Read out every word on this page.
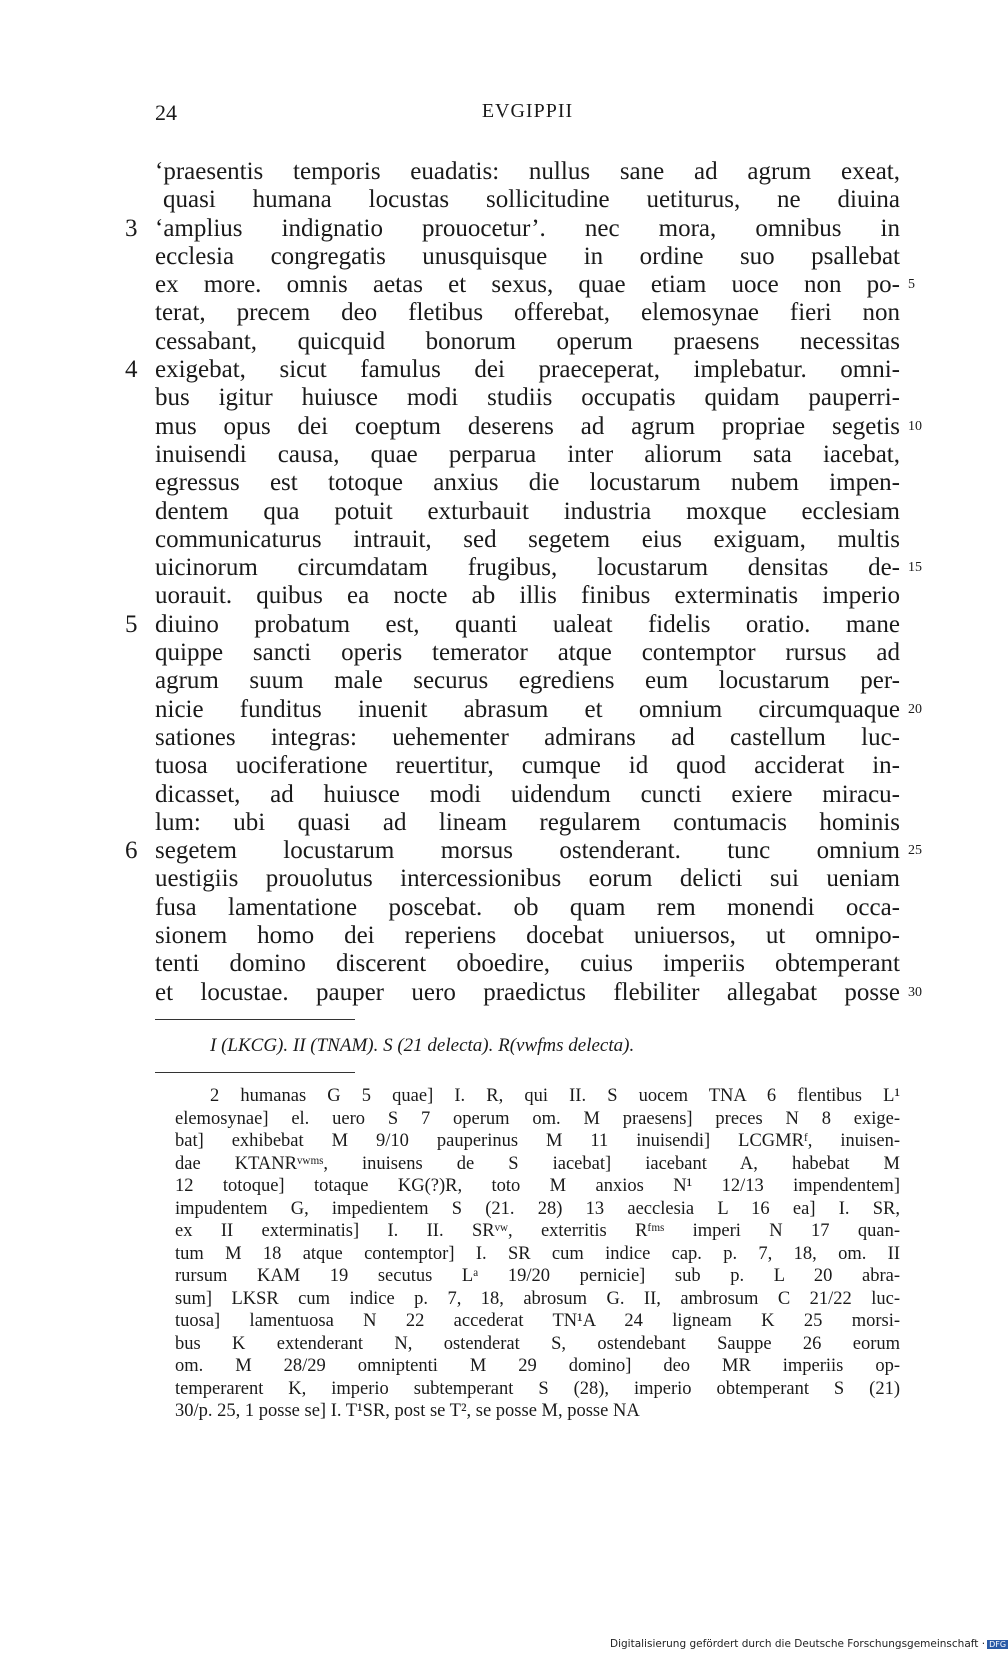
24	EVGIPPII
‘praesentis temporis euadatis: nullus sane ad agrum exeat,
quasi humana locustas sollicitudine uetiturus, ne diuina
3 ‘amplius indignatio prouocetur’. nec mora, omnibus in
ecclesia congregatis unusquisque in ordine suo psallebat
ex more. omnis aetas et sexus, quae etiam uoce non po- 5
terat, precem deo fletibus offerebat, elemosynae fieri non
cessabant, quicquid bonorum operum praesens necessitas
4 exigebat, sicut famulus dei praeceperat, implebatur. omni-
bus igitur huiusce modi studiis occupatis quidam pauperri-
mus opus dei coeptum deserens ad agrum propriae segetis 10
inuisendi causa, quae perparua inter aliorum sata iacebat,
egressus est totoque anxius die locustarum nubem impen-
dentem qua potuit exturbauit industria moxque ecclesiam
communicaturus intrauit, sed segetem eius exiguam, multis
uicinorum circumdatam frugibus, locustarum densitas de- 15
uorauit. quibus ea nocte ab illis finibus exterminatis imperio
5 diuino probatum est, quanti ualeat fidelis oratio. mane
quippe sancti operis temerator atque contemptor rursus ad
agrum suum male securus egrediens eum locustarum per-
nicie funditus inuenit abrasum et omnium circumquaque 20
sationes integras: uehementer admirans ad castellum luc-
tuosa uociferatione reuertitur, cumque id quod acciderat in-
dicasset, ad huiusce modi uidendum cuncti exiere miracu-
lum: ubi quasi ad lineam regularem contumacis hominis
6 segetem locustarum morsus ostenderant. tunc omnium 25
uestigiis prouolutus intercessionibus eorum delicti sui ueniam
fusa lamentatione poscebat. ob quam rem monendi occa-
sionem homo dei reperiens docebat uniuersos, ut omnipo-
tenti domino discerent oboedire, cuius imperiis obtemperant
et locustae. pauper uero praedictus flebiliter allegabat posse 30
I (LKCG). II (TNAM). S (21 delecta). R(vwfms delecta).
2 humanas G 5 quae] I. R, qui II. S uocem TNA 6 flentibus L¹
elemosynae] el. uero S 7 operum om. M praesens] preces N 8 exige-
bat] exhibebat M 9/10 pauperinus M 11 inuisendi] LCGMRᶠ, inuisen-
dae KTANRᵛʷᵐˢ, inuisens de S iacebat] iacebant A, habebat M
12 totoque] totaque KG(?)R, toto M anxios N¹ 12/13 impendentem]
impudentem G, impedientem S (21. 28) 13 aecclesia L 16 ea] I. SR,
ex II exterminatis] I. II. SRᵛʷ, exterritis Rᶠᵐˢ imperi N 17 quan-
tum M 18 atque contemptor] I. SR cum indice cap. p. 7, 18, om. II
rursum KAM 19 secutus Lᵃ 19/20 pernicie] sub p. L 20 abra-
sum] LKSR cum indice p. 7, 18, abrosum G. II, ambrosum C 21/22 luc-
tuosa] lamentuosa N 22 accederat TN¹A 24 ligneam K 25 morsi-
bus K extenderant N, ostenderat S, ostendebant Sauppe 26 eorum
om. M 28/29 omniptenti M 29 domino] deo MR imperiis op-
temperarent K, imperio subtemperant S (28), imperio obtemperant S (21)
30/p. 25, 1 posse se] I. T¹SR, post se T², se posse M, posse NA
Digitalisierung gefördert durch die Deutsche Forschungsgemeinschaft · DFG
